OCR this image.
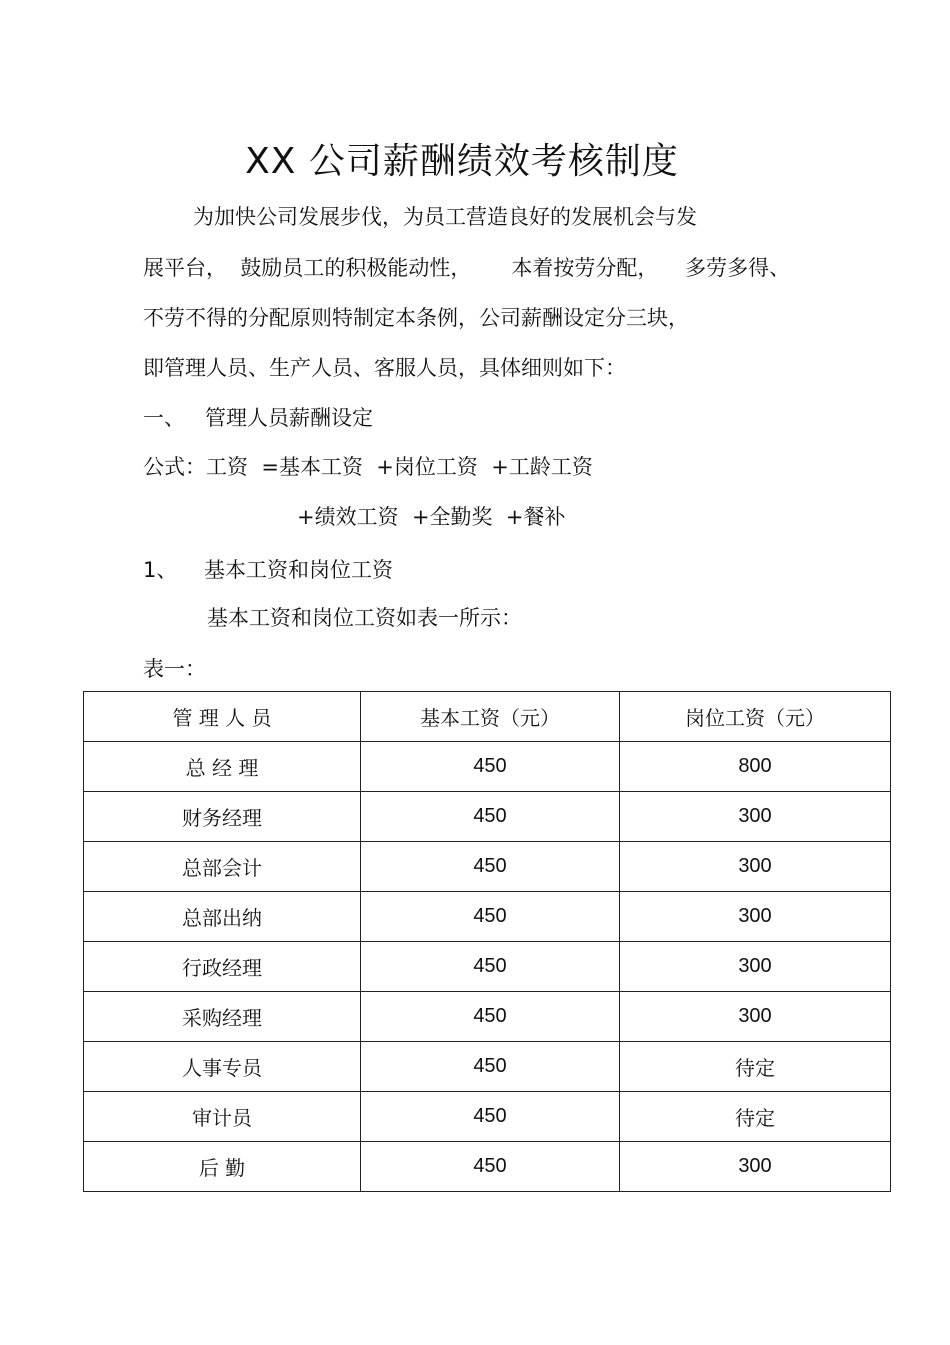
XX 公司薪酬绩效考核制度
为加快公司发展步伐，为员工营造良好的发展机会与发
展平台，  鼓励员工的积极能动性，      本着按劳分配，    多劳多得、
不劳不得的分配原则特制定本条例，公司薪酬设定分三块，
即管理人员、生产人员、客服人员，具体细则如下：
一、   管理人员薪酬设定
公式：工资  =基本工资  +岗位工资  +工龄工资
+绩效工资  +全勤奖  +餐补
1、    基本工资和岗位工资
基本工资和岗位工资如表一所示：
表一：
管 理 人 员	基本工资（元）	岗位工资（元）
总 经 理	450	800
财务经理	450	300
总部会计	450	300
总部出纳	450	300
行政经理	450	300
采购经理	450	300
人事专员	450	待定
审计员	450	待定
后 勤	450	300
